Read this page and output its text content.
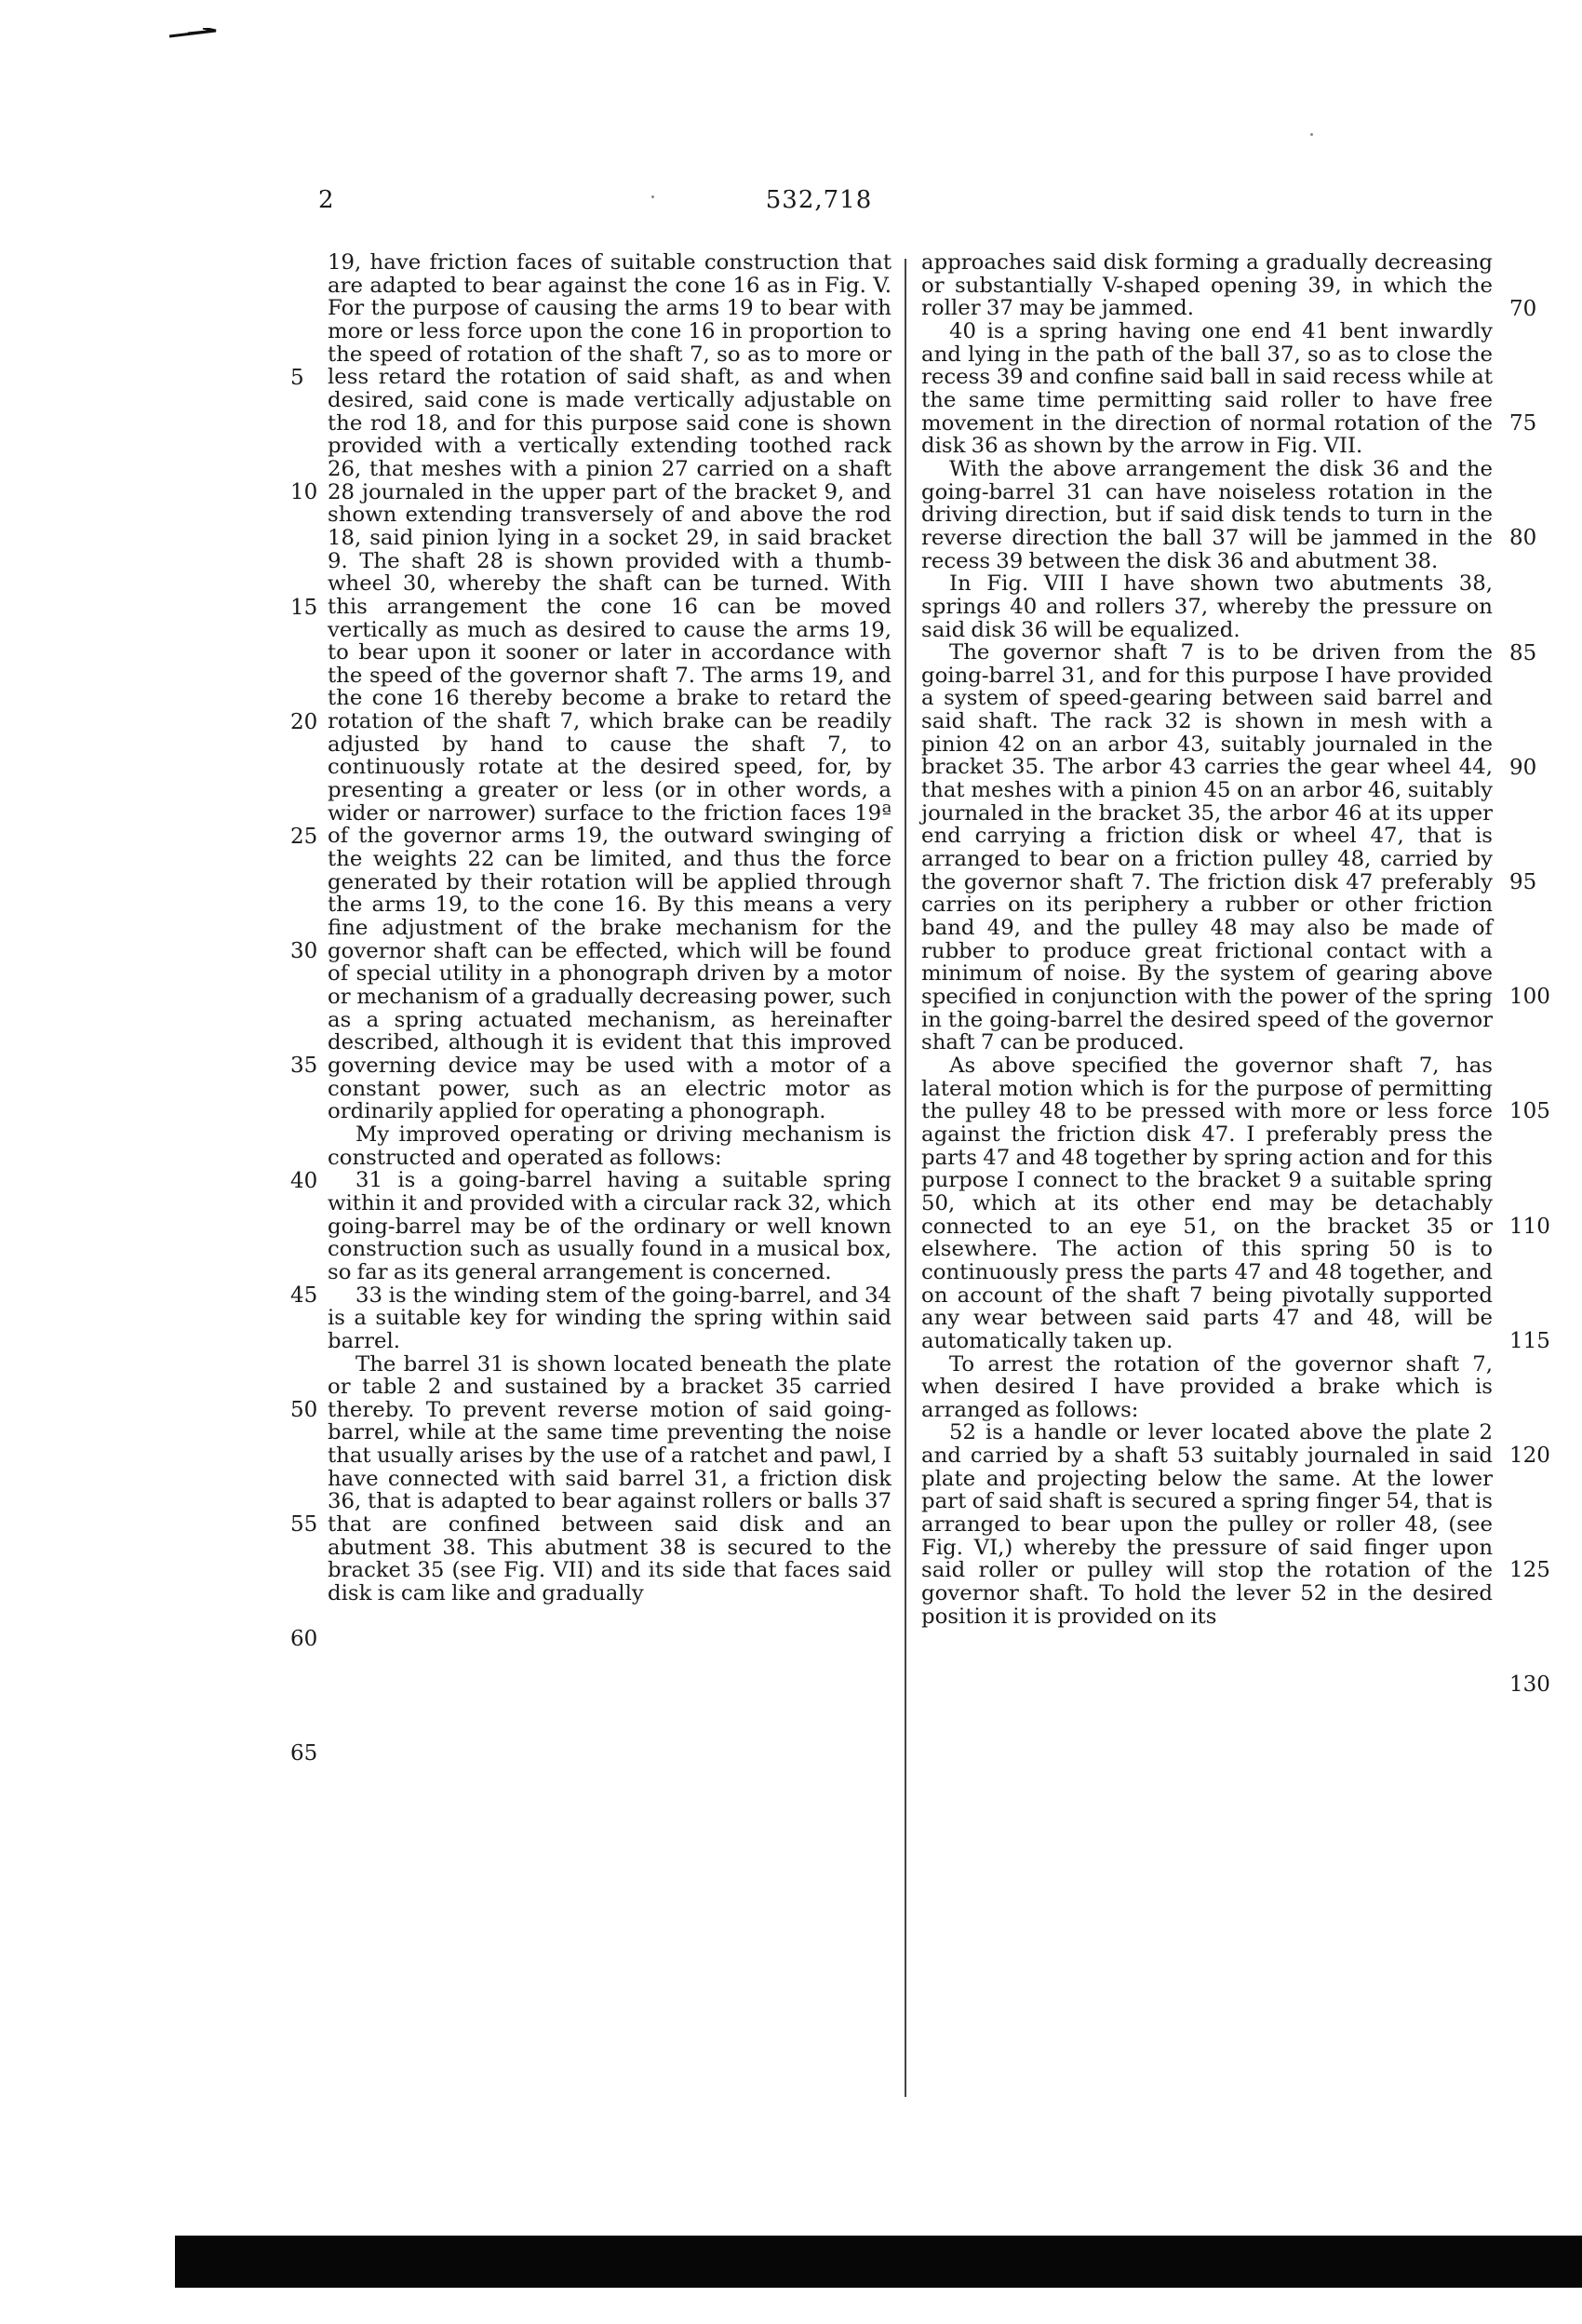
2	532,718

19, have friction faces of suitable construction that are adapted to bear against the cone 16 as in Fig. V. For the purpose of causing the arms 19 to bear with more or less force upon the cone 16 in proportion to the speed of rotation of the shaft 7, so as to more or less retard the rotation of said shaft, as and when desired, said cone is made vertically adjustable on the rod 18, and for this purpose said cone is shown provided with a vertically extending toothed rack 26, that meshes with a pinion 27 carried on a shaft 28 journaled in the upper part of the bracket 9, and shown extending transversely of and above the rod 18, said pinion lying in a socket 29, in said bracket 9. The shaft 28 is shown provided with a thumb-wheel 30, whereby the shaft can be turned. With this arrangement the cone 16 can be moved vertically as much as desired to cause the arms 19, to bear upon it sooner or later in accordance with the speed of the governor shaft 7. The arms 19, and the cone 16 thereby become a brake to retard the rotation of the shaft 7, which brake can be readily adjusted by hand to cause the shaft 7, to continuously rotate at the desired speed, for, by presenting a greater or less (or in other words, a wider or narrower) surface to the friction faces 19ª of the governor arms 19, the outward swinging of the weights 22 can be limited, and thus the force generated by their rotation will be applied through the arms 19, to the cone 16. By this means a very fine adjustment of the brake mechanism for the governor shaft can be effected, which will be found of special utility in a phonograph driven by a motor or mechanism of a gradually decreasing power, such as a spring actuated mechanism, as hereinafter described, although it is evident that this improved governing device may be used with a motor of a constant power, such as an electric motor as ordinarily applied for operating a phonograph.

My improved operating or driving mechanism is constructed and operated as follows:

31 is a going-barrel having a suitable spring within it and provided with a circular rack 32, which going-barrel may be of the ordinary or well known construction such as usually found in a musical box, so far as its general arrangement is concerned.

33 is the winding stem of the going-barrel, and 34 is a suitable key for winding the spring within said barrel.

The barrel 31 is shown located beneath the plate or table 2 and sustained by a bracket 35 carried thereby. To prevent reverse motion of said going-barrel, while at the same time preventing the noise that usually arises by the use of a ratchet and pawl, I have connected with said barrel 31, a friction disk 36, that is adapted to bear against rollers or balls 37 that are confined between said disk and an abutment 38. This abutment 38 is secured to the bracket 35 (see Fig. VII) and its side that faces said disk is cam like and gradually

approaches said disk forming a gradually decreasing or substantially V-shaped opening 39, in which the roller 37 may be jammed.

40 is a spring having one end 41 bent inwardly and lying in the path of the ball 37, so as to close the recess 39 and confine said ball in said recess while at the same time permitting said roller to have free movement in the direction of normal rotation of the disk 36 as shown by the arrow in Fig. VII.

With the above arrangement the disk 36 and the going-barrel 31 can have noiseless rotation in the driving direction, but if said disk tends to turn in the reverse direction the ball 37 will be jammed in the recess 39 between the disk 36 and abutment 38.

In Fig. VIII I have shown two abutments 38, springs 40 and rollers 37, whereby the pressure on said disk 36 will be equalized.

The governor shaft 7 is to be driven from the going-barrel 31, and for this purpose I have provided a system of speed-gearing between said barrel and said shaft. The rack 32 is shown in mesh with a pinion 42 on an arbor 43, suitably journaled in the bracket 35. The arbor 43 carries the gear wheel 44, that meshes with a pinion 45 on an arbor 46, suitably journaled in the bracket 35, the arbor 46 at its upper end carrying a friction disk or wheel 47, that is arranged to bear on a friction pulley 48, carried by the governor shaft 7. The friction disk 47 preferably carries on its periphery a rubber or other friction band 49, and the pulley 48 may also be made of rubber to produce great frictional contact with a minimum of noise. By the system of gearing above specified in conjunction with the power of the spring in the going-barrel the desired speed of the governor shaft 7 can be produced.

As above specified the governor shaft 7, has lateral motion which is for the purpose of permitting the pulley 48 to be pressed with more or less force against the friction disk 47. I preferably press the parts 47 and 48 together by spring action and for this purpose I connect to the bracket 9 a suitable spring 50, which at its other end may be detachably connected to an eye 51, on the bracket 35 or elsewhere. The action of this spring 50 is to continuously press the parts 47 and 48 together, and on account of the shaft 7 being pivotally supported any wear between said parts 47 and 48, will be automatically taken up.

To arrest the rotation of the governor shaft 7, when desired I have provided a brake which is arranged as follows:

52 is a handle or lever located above the plate 2 and carried by a shaft 53 suitably journaled in said plate and projecting below the same. At the lower part of said shaft is secured a spring finger 54, that is arranged to bear upon the pulley or roller 48, (see Fig. VI,) whereby the pressure of said finger upon said roller or pulley will stop the rotation of the governor shaft. To hold the lever 52 in the desired position it is provided on its

5
10
15
20
25
30
35
40
45
50
55
60
65
70
75
80
85
90
95
100
105
110
115
120
125
130
